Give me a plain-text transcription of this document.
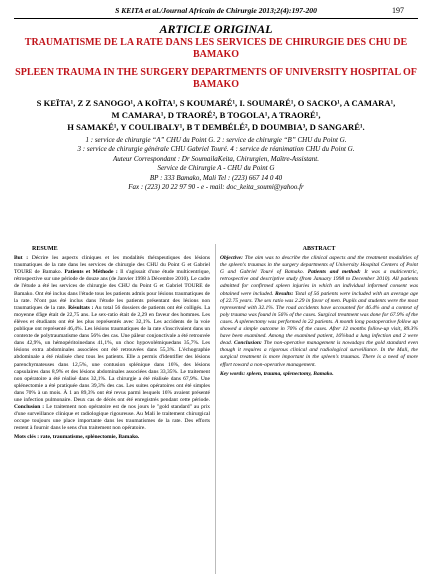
S KEITA et al./Journal Africain de Chirurgie 2013;2(4):197-200	197
ARTICLE ORIGINAL
TRAUMATISME DE LA RATE DANS LES SERVICES DE CHIRURGIE DES CHU DE BAMAKO
SPLEEN TRAUMA IN THE SURGERY DEPARTMENTS OF UNIVERSITY HOSPITAL OF BAMAKO
S KEÏTA¹, Z Z SANOGO¹, A KOÏTA¹, S KOUMARÉ¹, I. SOUMARÉ¹, O SACKO¹, A CAMARA¹,
M CAMARA¹, D TRAORÉ², B TOGOLA¹, A TRAORÉ¹,
H SAMAKÉ¹, Y COULIBALY¹, B T DEMBÉLÉ², D DOUMBIA³, D SANGARÉ¹.
1 : service de chirurgie “A” CHU du Point G. 2 : service de chirurgie “B” CHU du Point G.
3 : service de chirurgie générale CHU Gabriel Touré. 4 : service de réanimation CHU du Point G.
Auteur Correspondant : Dr SoumailaKeita, Chirurgien, Maître-Assistant.
Service de Chirurgie A - CHU du Point G
BP : 333 Bamako, Mali Tel : (223) 667 14 0 40
Fax : (223) 20 22 97 90 - e - mail: doc_keita_soumi@yahoo.fr
RESUME
But : Décrire les aspects cliniques et les modalités thérapeutiques des lésions traumatiques de la rate dans les services de chirurgie des CHU du Point G et Gabriel TOURE de Bamako. Patients et Méthode : Il s'agissait d'une étude multicentrique, rétrospective sur une période de douze ans (de Janvier 1998 à Décembre 2010). Le cadre de l'étude a été les services de chirurgie des CHU du Point G et Gabriel TOURE de Bamako. Ont été inclus dans l'étude tous les patients admis pour lésions traumatiques de la rate. N'ont pas été inclus dans l'étude les patients présentant des lésions non traumatiques de la rate. Résultats : Au total 56 dossiers de patients ont été colligés. La moyenne d'âge était de 22,75 ans. Le sex-ratio était de 2,29 en faveur des hommes. Les élèves et étudiants ont été les plus représentés avec 32,1%. Les accidents de la voie publique ont représenté 46,4%. Les lésions traumatiques de la rate s'inscrivaient dans un contexte de polytraumatisme dans 56% des cas. Une pâleur conjonctivale a été retrouvée dans 42,9%, un hémopéritoinedans 41,1%, un choc hypovolémiquedans 35,7%. Les lésions extra abdominales associées ont été retrouvées dans 55,3%. L'échographie abdominale a été réalisée chez tous les patients. Elle a permis d'identifier des lésions parenchymateuses dans 12,5%, une contusion splénique dans 16%, des lésions capsulaires dans 8,9% et des lésions abdominales associées dans 33,35%. Le traitement non opératoire a été réalisé dans 32,1%. La chirurgie a été réalisée dans 67,9%. Une splénectomie a été pratiquée dans 39,3% des cas. Les suites opératoires ont été simples dans 70% à un mois. À 1 an 89,3% ont été revus parmi lesquels 16% avaient présenté une infection pulmonaire. Deux cas de décès ont été enregistrés pendant cette période. Conclusion : Le traitement non opératoire est de nos jours le "gold standard" au prix d'une surveillance clinique et radiologique rigoureuse. Au Mali le traitement chirurgical occupe toujours une place importante dans les traumatismes de la rate. Des efforts restent à fournir dans le sens d'un traitement non opératoire.
Mots clés : rate, traumatisme, splénectomie, Bamako.
ABSTRACT
Objective: The aim was to describe the clinical aspects and the treatment modalities of the spleen's traumas in the surgery departments of University Hospital Centers of Point G and Gabriel Touré of Bamako. Patients and method: It was a multicentric, retrospective and descriptive study (from January 1998 to December 2010). All patients admitted for confirmed spleen injuries in which an individual informed consent was obtained were included. Results: Total of 56 patients were included with an average age of 22.75 years. The sex ratio was 2.29 in favor of men. Pupils and students were the most represented with 32.1%. The road accidents have accounted for 46.4% and a context of poly trauma was found in 56% of the cases. Surgical treatment was done for 67.9% of the cases. A splenectomy was performed in 22 patients. A month long postoperative follow up showed a simple outcome in 70% of the cases. After 12 months follow-up visit, 89.3% have been examined. Among the examined patient, 16%had a lung infection and 2 were dead. Conclusion: The non-operative management is nowadays the gold standard even though it requires a rigorous clinical and radiological surveillance. In the Mali, the surgical treatment is more important in the spleen's traumas. There is a need of more effort toward a non-operative management.
Key words: spleen, trauma, splenectomy, Bamako.
